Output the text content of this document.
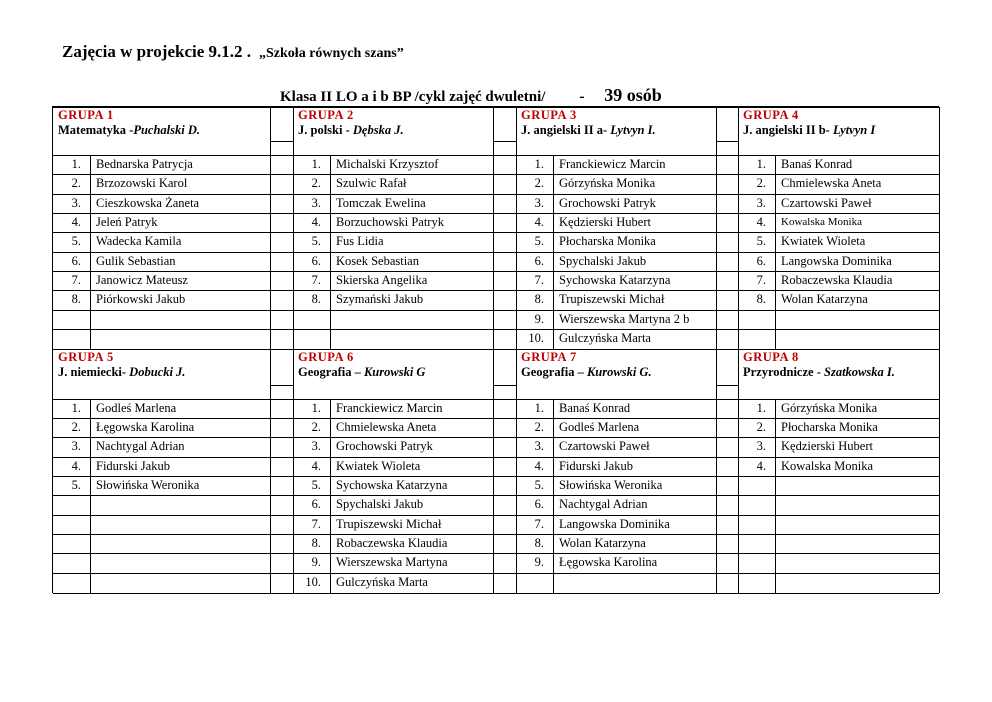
Zajęcia w projekcie 9.1.2 . „Szkoła równych szans”
Klasa II LO a i b BP /cykl zajęć dwuletni/ - 39 osób
GRUPA 1
Matematyka -Puchalski D.
1. Bednarska Patrycja
2. Brzozowski Karol
3. Cieszkowska Żaneta
4. Jeleń Patryk
5. Wadecka Kamila
6. Gulik Sebastian
7. Janowicz Mateusz
8. Piórkowski Jakub
GRUPA 2
J. polski - Dębska J.
1. Michalski Krzysztof
2. Szulwic Rafał
3. Tomczak Ewelina
4. Borzuchowski Patryk
5. Fus Lidia
6. Kosek Sebastian
7. Skierska Angelika
8. Szymański Jakub
GRUPA 3
J. angielski II a- Lytvyn I.
1. Franckiewicz Marcin
2. Górzyńska Monika
3. Grochowski Patryk
4. Kędzierski Hubert
5. Płocharska Monika
6. Spychalski Jakub
7. Sychowska Katarzyna
8. Trupiszewski Michał
9. Wierszewska Martyna 2 b
10. Gulczyńska Marta
GRUPA 4
J. angielski II b- Lytvyn I
1. Banaś Konrad
2. Chmielewska Aneta
3. Czartowski Paweł
4. Kowalska Monika
5. Kwiatek Wioleta
6. Langowska Dominika
7. Robaczewska Klaudia
8. Wolan Katarzyna
GRUPA 5
J. niemiecki- Dobucki J.
1. Godleś Marlena
2. Łęgowska Karolina
3. Nachtygal Adrian
4. Fidurski Jakub
5. Słowińska Weronika
GRUPA 6
Geografia – Kurowski G
1. Franckiewicz Marcin
2. Chmielewska Aneta
3. Grochowski Patryk
4. Kwiatek Wioleta
5. Sychowska Katarzyna
6. Spychalski Jakub
7. Trupiszewski Michał
8. Robaczewska Klaudia
9. Wierszewska Martyna
10. Gulczyńska Marta
GRUPA 7
Geografia – Kurowski G.
1. Banaś Konrad
2. Godleś Marlena
3. Czartowski Paweł
4. Fidurski Jakub
5. Słowińska Weronika
6. Nachtygal Adrian
7. Langowska Dominika
8. Wolan Katarzyna
9. Łęgowska Karolina
GRUPA 8
Przyrodnicze - Szatkowska I.
1. Górzyńska Monika
2. Płocharska Monika
3. Kędzierski Hubert
4. Kowalska Monika
